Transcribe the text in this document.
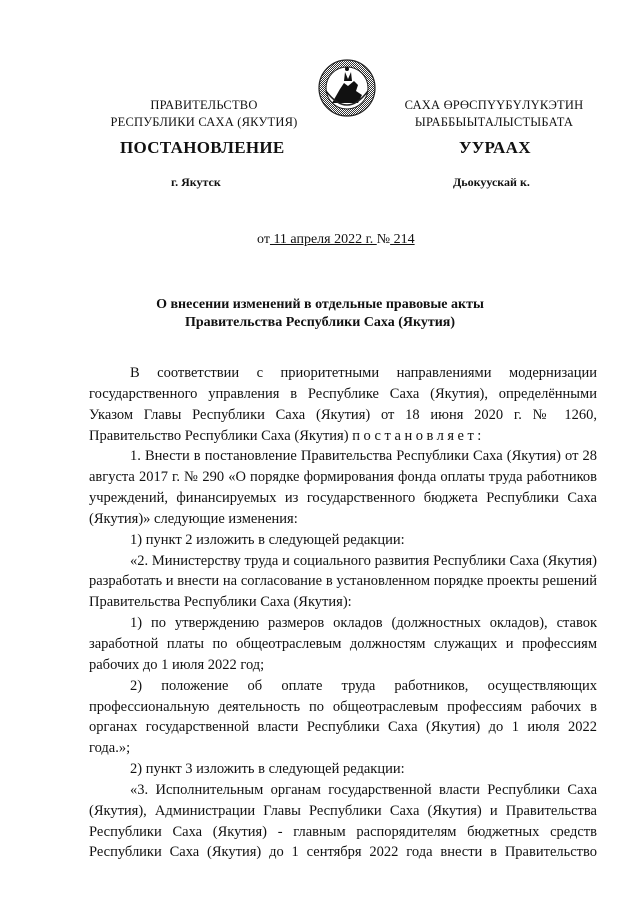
ПРАВИТЕЛЬСТВО
РЕСПУБЛИКИ САХА (ЯКУТИЯ)
САХА ӨРӨСПҮҮБҮЛҮКЭТИН
ЫРАББЫЫТАЛЫСТЫБАТА
ПОСТАНОВЛЕНИЕ	УУРААХ
г. Якутск	Дьокуускай к.
от 11 апреля 2022 г. № 214
О внесении изменений в отдельные правовые акты
Правительства Республики Саха (Якутия)

В соответствии с приоритетными направлениями модернизации государственного управления в Республике Саха (Якутия), определёнными Указом Главы Республики Саха (Якутия) от 18 июня 2020 г. № 1260, Правительство Республики Саха (Якутия) постановляет:

1. Внести в постановление Правительства Республики Саха (Якутия) от 28 августа 2017 г. № 290 «О порядке формирования фонда оплаты труда работников учреждений, финансируемых из государственного бюджета Республики Саха (Якутия)» следующие изменения:

1) пункт 2 изложить в следующей редакции:

«2. Министерству труда и социального развития Республики Саха (Якутия) разработать и внести на согласование в установленном порядке проекты решений Правительства Республики Саха (Якутия):

1) по утверждению размеров окладов (должностных окладов), ставок заработной платы по общеотраслевым должностям служащих и профессиям рабочих до 1 июля 2022 год;

2) положение об оплате труда работников, осуществляющих профессиональную деятельность по общеотраслевым профессиям рабочих в органах государственной власти Республики Саха (Якутия) до 1 июля 2022 года.»;

2) пункт 3 изложить в следующей редакции:

«3. Исполнительным органам государственной власти Республики Саха (Якутия), Администрации Главы Республики Саха (Якутия) и Правительства Республики Саха (Якутия) - главным распорядителям бюджетных средств Республики Саха (Якутия) до 1 сентября 2022 года внести в Правительство
